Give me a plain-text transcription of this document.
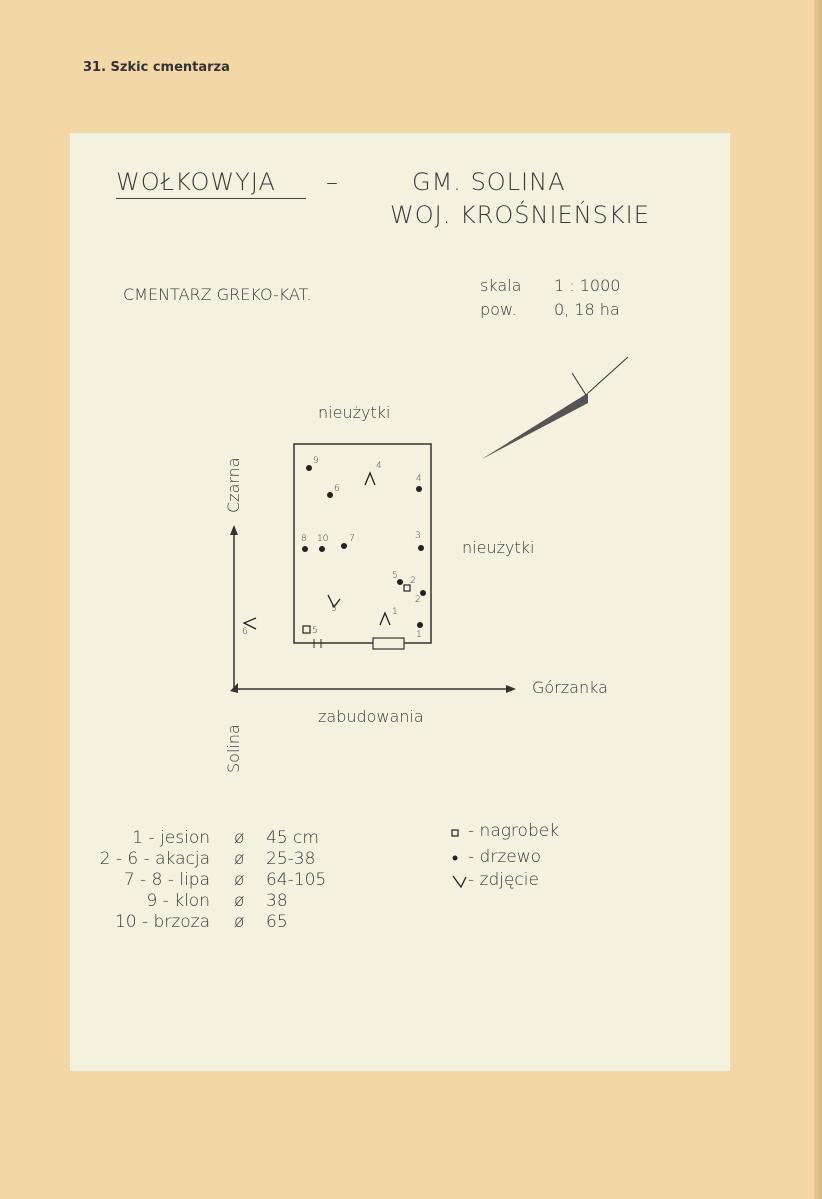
31. Szkic cmentarza
WOŁKOWYJA –	GM. SOLINA
WOJ. KROŚNIEŃSKIE
CMENTARZ GREKO-KAT.	skala 1 : 1000
pow. 0, 18 ha
nieużytki
nieużytki
zabudowania
Górzanka
Czarna
Solina
9
6
4
4
8 10 7	3
5 2
2
5	1
1
5
6
1 - jesion ø 45 cm
2 - 6 - akacja ø 25-38
7 - 8 - lipa ø 64-105
9 - klon ø 38
10 - brzoza ø 65
- nagrobek
- drzewo
- zdjęcie
